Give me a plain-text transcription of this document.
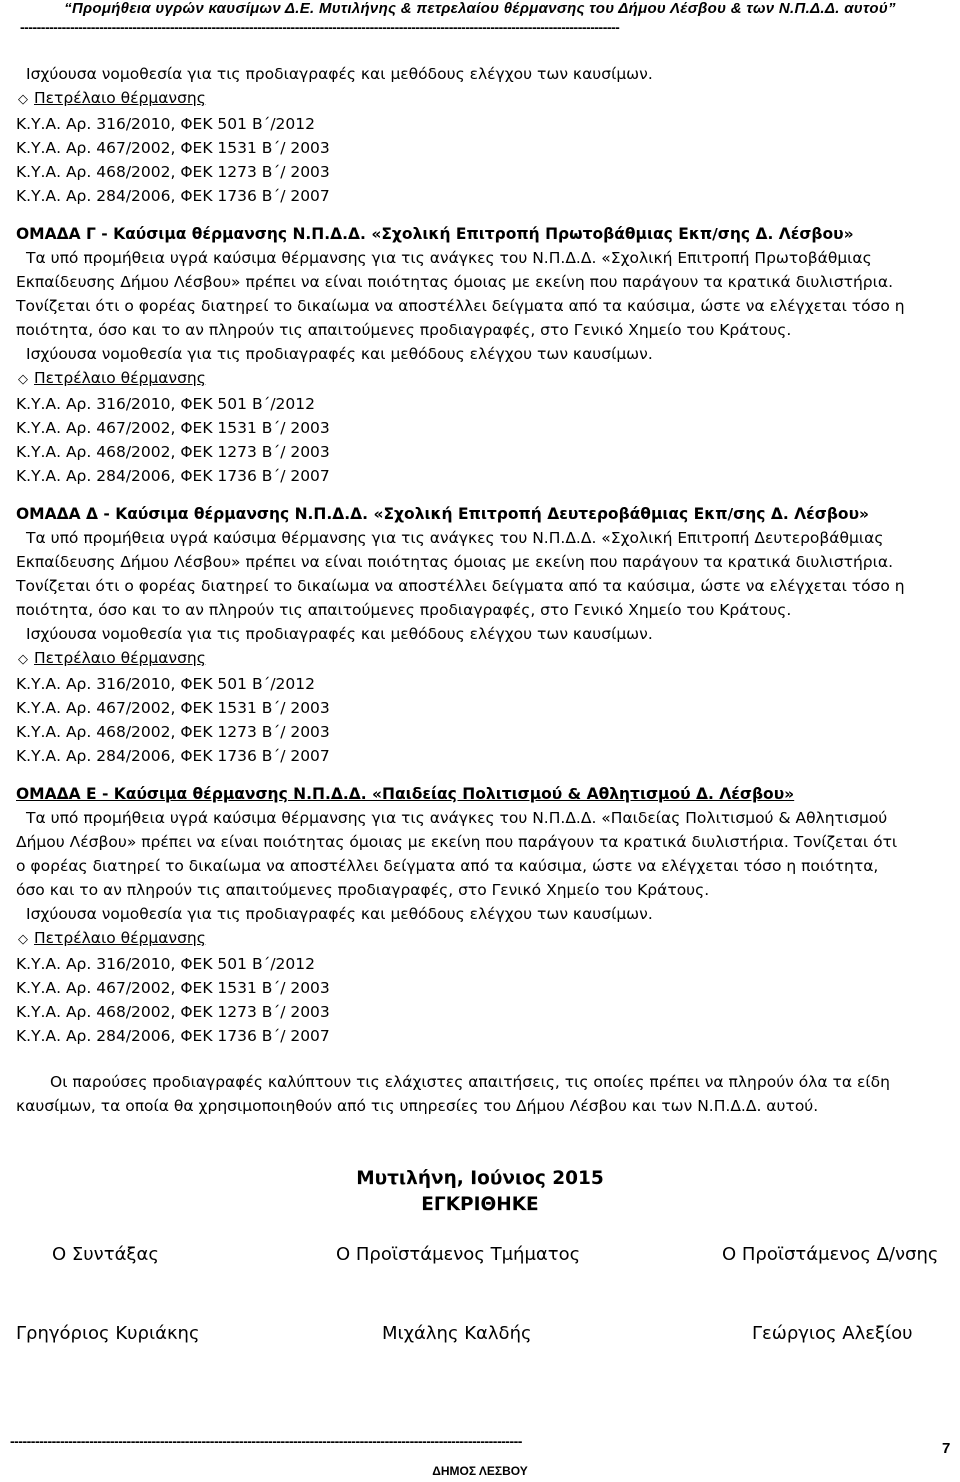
“Προμήθεια υγρών καυσίμων Δ.Ε. Μυτιλήνης & πετρελαίου θέρμανσης του Δήμου Λέσβου & των Ν.Π.Δ.Δ. αυτού”
------------------------------------------------------------------------------------------------------------------------------------------------
Ισχύουσα νομοθεσία για τις προδιαγραφές και μεθόδους ελέγχου των καυσίμων.
◇ Πετρέλαιο θέρμανσης
Κ.Υ.Α. Αρ. 316/2010, ΦΕΚ 501 Β΄/2012
Κ.Υ.Α. Αρ. 467/2002, ΦΕΚ 1531 Β΄/ 2003
Κ.Υ.Α. Αρ. 468/2002, ΦΕΚ 1273 Β΄/ 2003
Κ.Υ.Α. Αρ. 284/2006, ΦΕΚ 1736 Β΄/ 2007
ΟΜΑΔΑ Γ - Καύσιμα θέρμανσης Ν.Π.Δ.Δ. «Σχολική Επιτροπή Πρωτοβάθμιας Εκπ/σης Δ. Λέσβου»
Τα υπό προμήθεια υγρά καύσιμα θέρμανσης για τις ανάγκες του Ν.Π.Δ.Δ. «Σχολική Επιτροπή Πρωτοβάθμιας
Εκπαίδευσης Δήμου Λέσβου» πρέπει να είναι ποιότητας όμοιας με εκείνη που παράγουν τα κρατικά διυλιστήρια.
Τονίζεται ότι ο φορέας διατηρεί το δικαίωμα να αποστέλλει δείγματα από τα καύσιμα, ώστε να ελέγχεται τόσο η
ποιότητα, όσο και το αν πληρούν τις απαιτούμενες προδιαγραφές, στο Γενικό Χημείο του Κράτους.
Ισχύουσα νομοθεσία για τις προδιαγραφές και μεθόδους ελέγχου των καυσίμων.
◇ Πετρέλαιο θέρμανσης
Κ.Υ.Α. Αρ. 316/2010, ΦΕΚ 501 Β΄/2012
Κ.Υ.Α. Αρ. 467/2002, ΦΕΚ 1531 Β΄/ 2003
Κ.Υ.Α. Αρ. 468/2002, ΦΕΚ 1273 Β΄/ 2003
Κ.Υ.Α. Αρ. 284/2006, ΦΕΚ 1736 Β΄/ 2007
ΟΜΑΔΑ Δ - Καύσιμα θέρμανσης Ν.Π.Δ.Δ. «Σχολική Επιτροπή Δευτεροβάθμιας Εκπ/σης Δ. Λέσβου»
Τα υπό προμήθεια υγρά καύσιμα θέρμανσης για τις ανάγκες του Ν.Π.Δ.Δ. «Σχολική Επιτροπή Δευτεροβάθμιας
Εκπαίδευσης Δήμου Λέσβου» πρέπει να είναι ποιότητας όμοιας με εκείνη που παράγουν τα κρατικά διυλιστήρια.
Τονίζεται ότι ο φορέας διατηρεί το δικαίωμα να αποστέλλει δείγματα από τα καύσιμα, ώστε να ελέγχεται τόσο η
ποιότητα, όσο και το αν πληρούν τις απαιτούμενες προδιαγραφές, στο Γενικό Χημείο του Κράτους.
Ισχύουσα νομοθεσία για τις προδιαγραφές και μεθόδους ελέγχου των καυσίμων.
◇ Πετρέλαιο θέρμανσης
Κ.Υ.Α. Αρ. 316/2010, ΦΕΚ 501 Β΄/2012
Κ.Υ.Α. Αρ. 467/2002, ΦΕΚ 1531 Β΄/ 2003
Κ.Υ.Α. Αρ. 468/2002, ΦΕΚ 1273 Β΄/ 2003
Κ.Υ.Α. Αρ. 284/2006, ΦΕΚ 1736 Β΄/ 2007
ΟΜΑΔΑ Ε - Καύσιμα θέρμανσης Ν.Π.Δ.Δ. «Παιδείας Πολιτισμού & Αθλητισμού Δ. Λέσβου»
Τα υπό προμήθεια υγρά καύσιμα θέρμανσης για τις ανάγκες του Ν.Π.Δ.Δ. «Παιδείας Πολιτισμού & Αθλητισμού
Δήμου Λέσβου» πρέπει να είναι ποιότητας όμοιας με εκείνη που παράγουν τα κρατικά διυλιστήρια. Τονίζεται ότι
ο φορέας διατηρεί το δικαίωμα να αποστέλλει δείγματα από τα καύσιμα, ώστε να ελέγχεται τόσο η ποιότητα,
όσο και το αν πληρούν τις απαιτούμενες προδιαγραφές, στο Γενικό Χημείο του Κράτους.
Ισχύουσα νομοθεσία για τις προδιαγραφές και μεθόδους ελέγχου των καυσίμων.
◇ Πετρέλαιο θέρμανσης
Κ.Υ.Α. Αρ. 316/2010, ΦΕΚ 501 Β΄/2012
Κ.Υ.Α. Αρ. 467/2002, ΦΕΚ 1531 Β΄/ 2003
Κ.Υ.Α. Αρ. 468/2002, ΦΕΚ 1273 Β΄/ 2003
Κ.Υ.Α. Αρ. 284/2006, ΦΕΚ 1736 Β΄/ 2007
Οι παρούσες προδιαγραφές καλύπτουν τις ελάχιστες απαιτήσεις, τις οποίες πρέπει να πληρούν όλα τα είδη
καυσίμων, τα οποία θα χρησιμοποιηθούν από τις υπηρεσίες του Δήμου Λέσβου και των Ν.Π.Δ.Δ. αυτού.
Μυτιλήνη, Ιούνιος 2015
ΕΓΚΡΙΘΗΚΕ
Ο Συντάξας	Ο Προϊστάμενος Τμήματος	Ο Προϊστάμενος Δ/νσης
Γρηγόριος Κυριάκης	Μιχάλης Καλδής	Γεώργιος Αλεξίου
---------------------------------------------------------------------------------------------------------------------------	7
ΔΗΜΟΣ ΛΕΣΒΟΥ
